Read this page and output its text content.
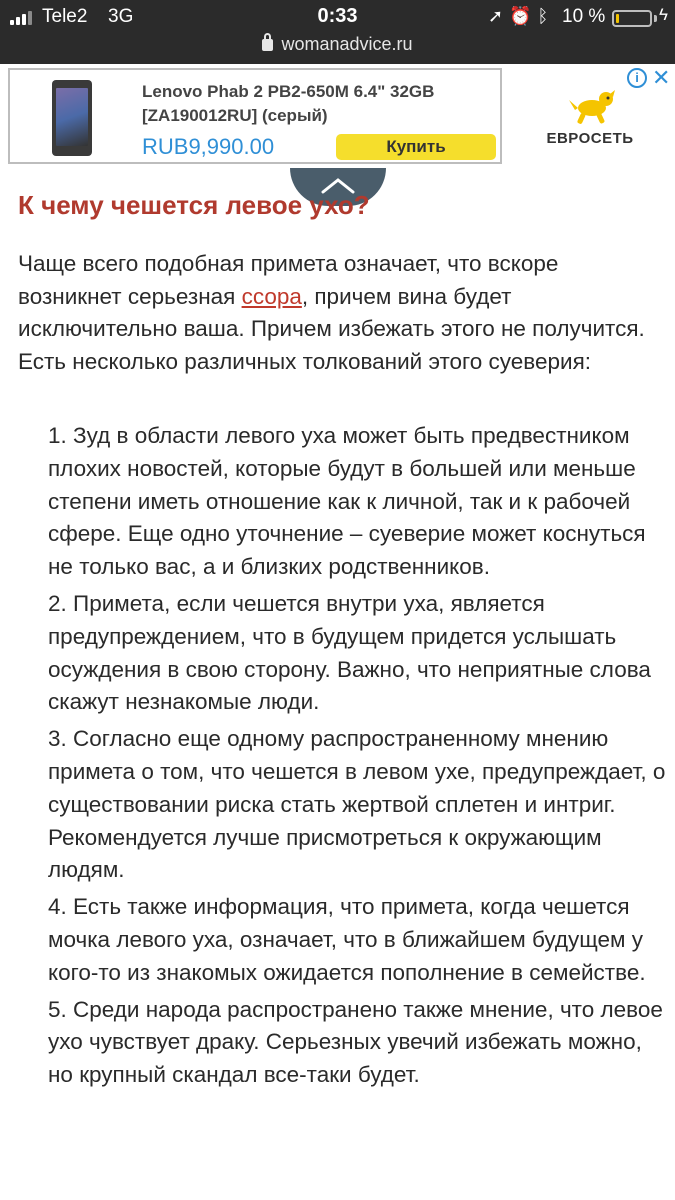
Tele2 3G	0:33	➚⏰ᛒ 10 %	ϟ
womanadvice.ru
Lenovo Phab 2 PB2-650M 6.4" 32GB [ZA190012RU] (серый)
RUB9,990.00	Купить
i ✕
ЕВРОСЕТЬ
К чему чешется левое ухо?

Чаще всего подобная примета означает, что вскоре возникнет серьезная ссора, причем вина будет исключительно ваша. Причем избежать этого не получится. Есть несколько различных толкований этого суеверия:

1. Зуд в области левого уха может быть предвестником плохих новостей, которые будут в большей или меньше степени иметь отношение как к личной, так и к рабочей сфере. Еще одно уточнение – суеверие может коснуться не только вас, а и близких родственников.
2. Примета, если чешется внутри уха, является предупреждением, что в будущем придется услышать осуждения в свою сторону. Важно, что неприятные слова скажут незнакомые люди.
3. Согласно еще одному распространенному мнению примета о том, что чешется в левом ухе, предупреждает, о существовании риска стать жертвой сплетен и интриг. Рекомендуется лучше присмотреться к окружающим людям.
4. Есть также информация, что примета, когда чешется мочка левого уха, означает, что в ближайшем будущем у кого-то из знакомых ожидается пополнение в семействе.
5. Среди народа распространено также мнение, что левое ухо чувствует драку. Серьезных увечий избежать можно, но крупный скандал все-таки будет.
